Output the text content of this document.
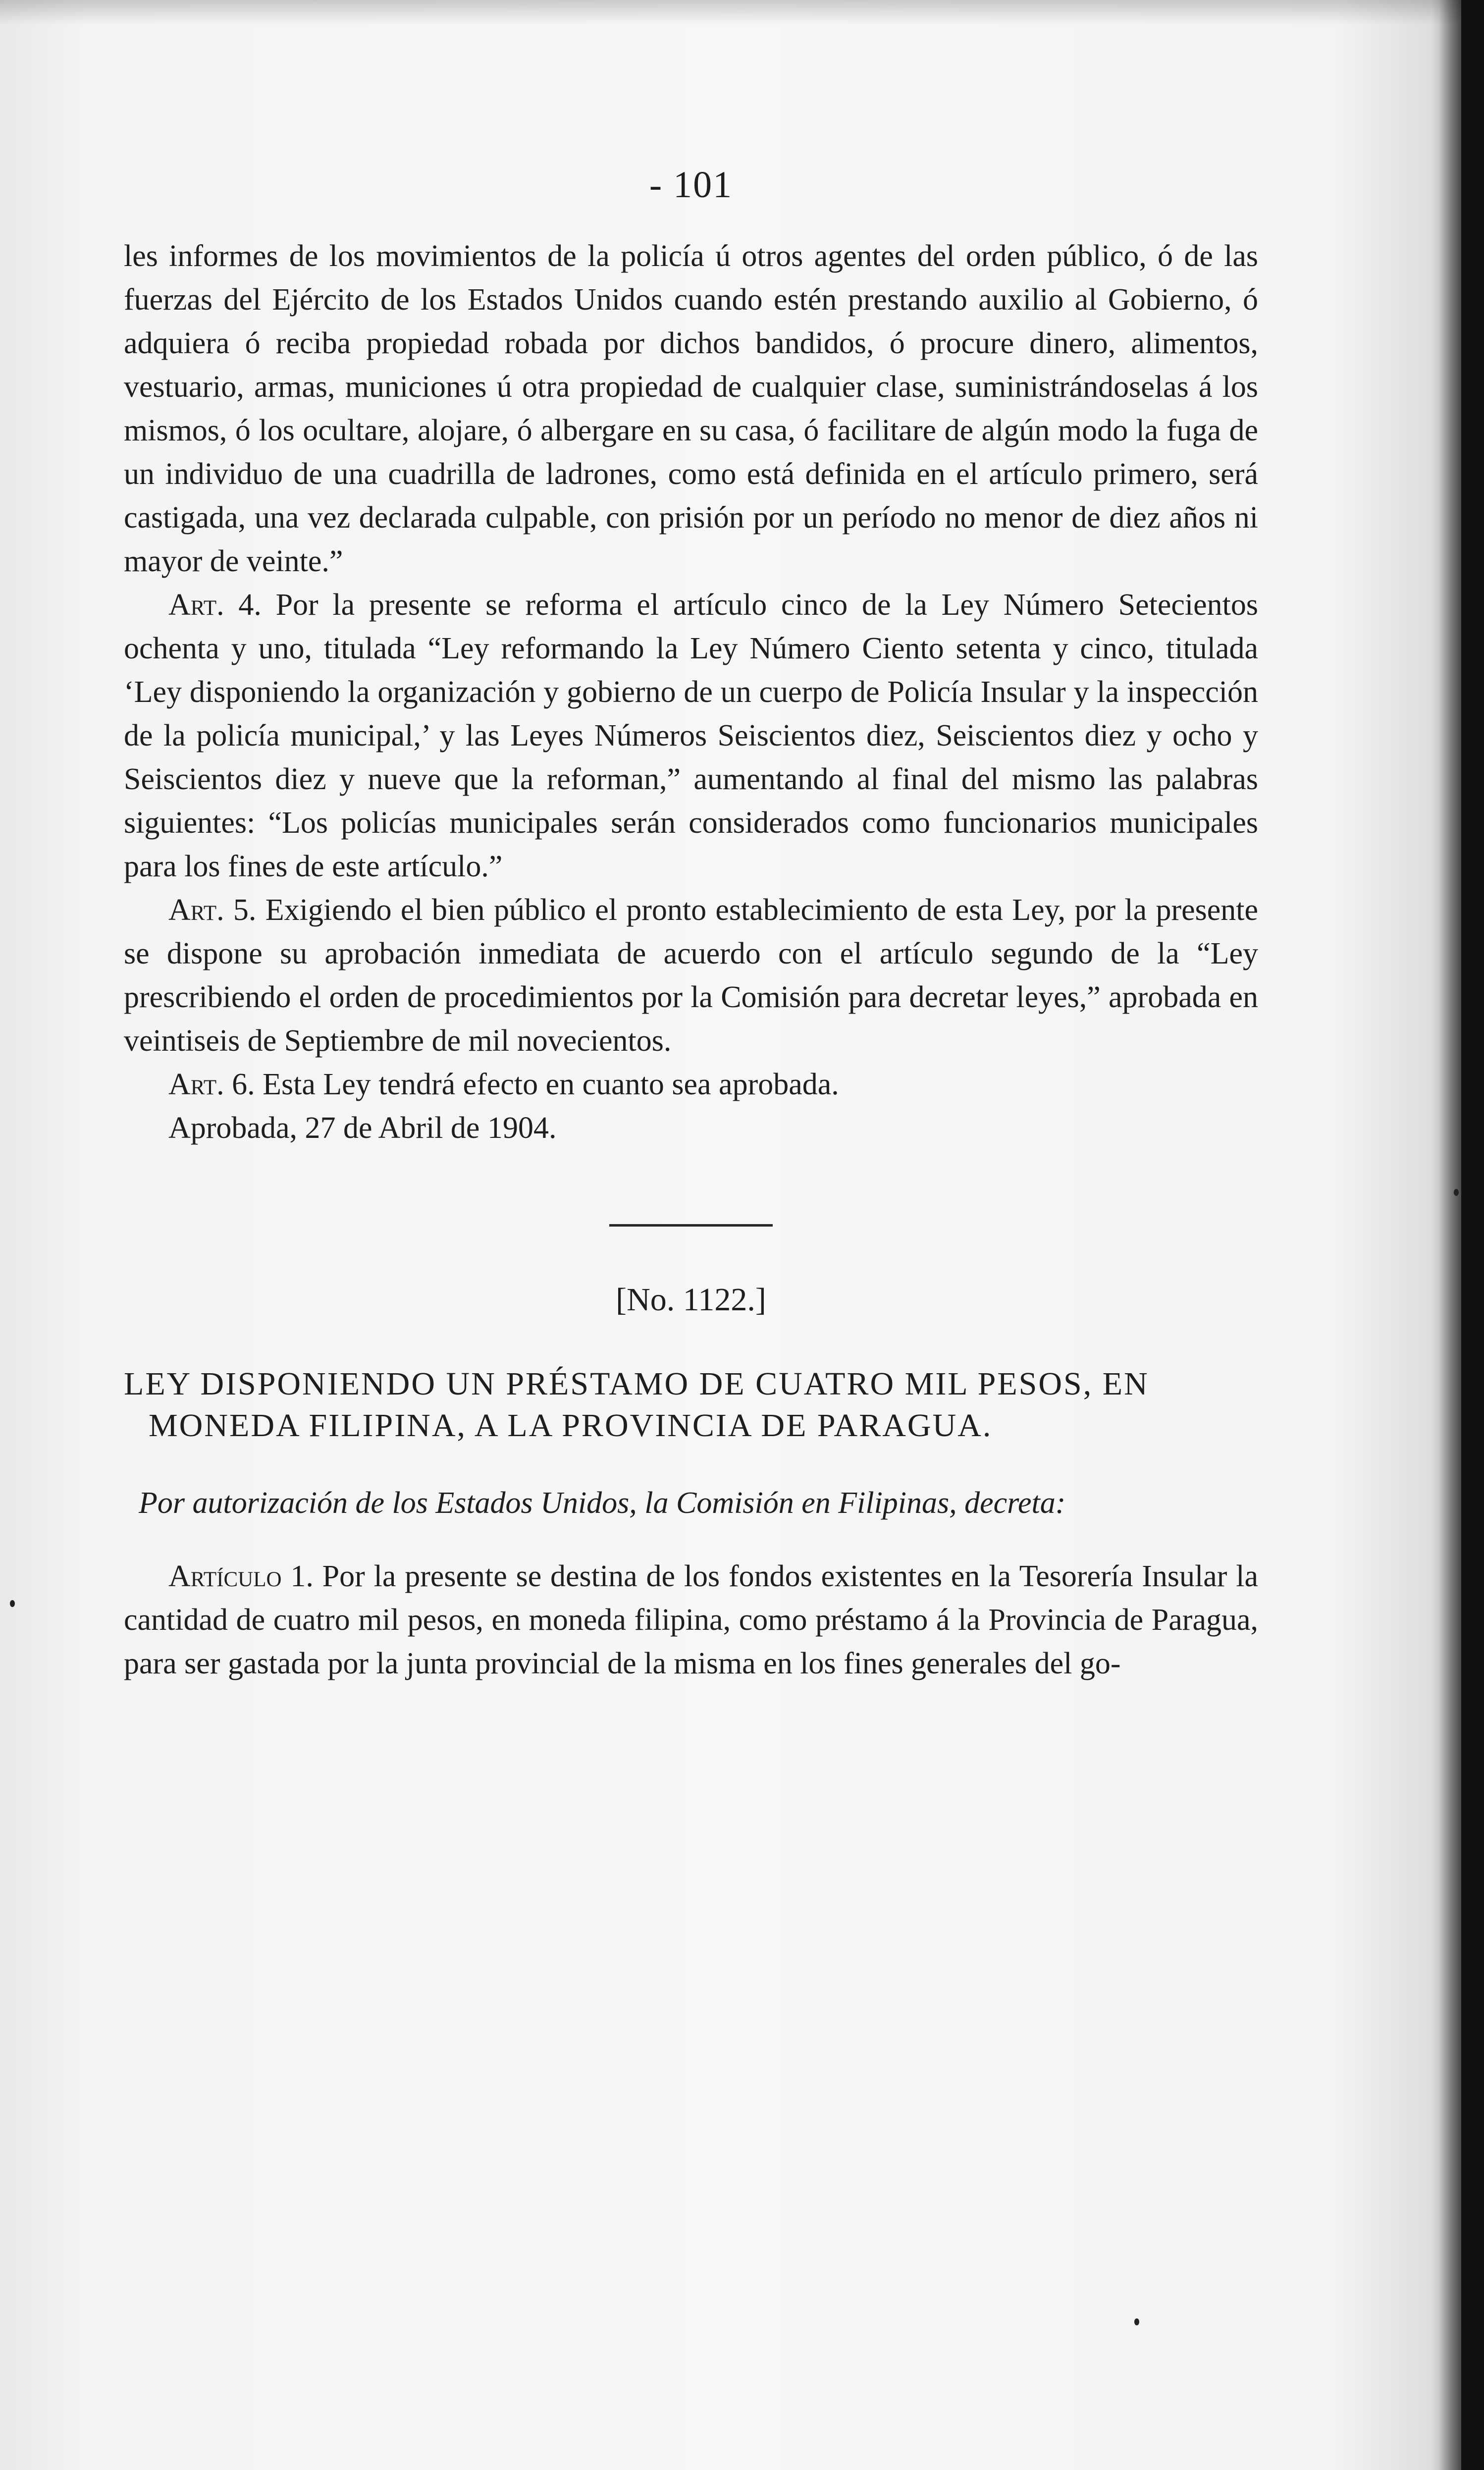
- 101

les informes de los movimientos de la policía ú otros agentes del orden público, ó de las fuerzas del Ejército de los Estados Unidos cuando estén prestando auxilio al Gobierno, ó adquiera ó reciba propiedad robada por dichos bandidos, ó procure dinero, alimentos, vestuario, armas, municiones ú otra propiedad de cualquier clase, suministrándoselas á los mismos, ó los ocultare, alojare, ó albergare en su casa, ó facilitare de algún modo la fuga de un individuo de una cuadrilla de ladrones, como está definida en el artículo primero, será castigada, una vez declarada culpable, con prisión por un período no menor de diez años ni mayor de veinte.”

Art. 4. Por la presente se reforma el artículo cinco de la Ley Número Setecientos ochenta y uno, titulada “Ley reformando la Ley Número Ciento setenta y cinco, titulada ‘Ley disponiendo la organización y gobierno de un cuerpo de Policía Insular y la inspección de la policía municipal,’ y las Leyes Números Seiscientos diez, Seiscientos diez y ocho y Seiscientos diez y nueve que la reforman,” aumentando al final del mismo las palabras siguientes: “Los policías municipales serán considerados como funcionarios municipales para los fines de este artículo.”

Art. 5. Exigiendo el bien público el pronto establecimiento de esta Ley, por la presente se dispone su aprobación inmediata de acuerdo con el artículo segundo de la “Ley prescribiendo el orden de procedimientos por la Comisión para decretar leyes,” aprobada en veintiseis de Septiembre de mil novecientos.

Art. 6. Esta Ley tendrá efecto en cuanto sea aprobada.

Aprobada, 27 de Abril de 1904.

[No. 1122.]
LEY DISPONIENDO UN PRÉSTAMO DE CUATRO MIL PESOS, EN MONEDA FILIPINA, A LA PROVINCIA DE PARAGUA.
Por autorización de los Estados Unidos, la Comisión en Filipinas, decreta:

Artículo 1. Por la presente se destina de los fondos existentes en la Tesorería Insular la cantidad de cuatro mil pesos, en moneda filipina, como préstamo á la Provincia de Paragua, para ser gastada por la junta provincial de la misma en los fines generales del go-
